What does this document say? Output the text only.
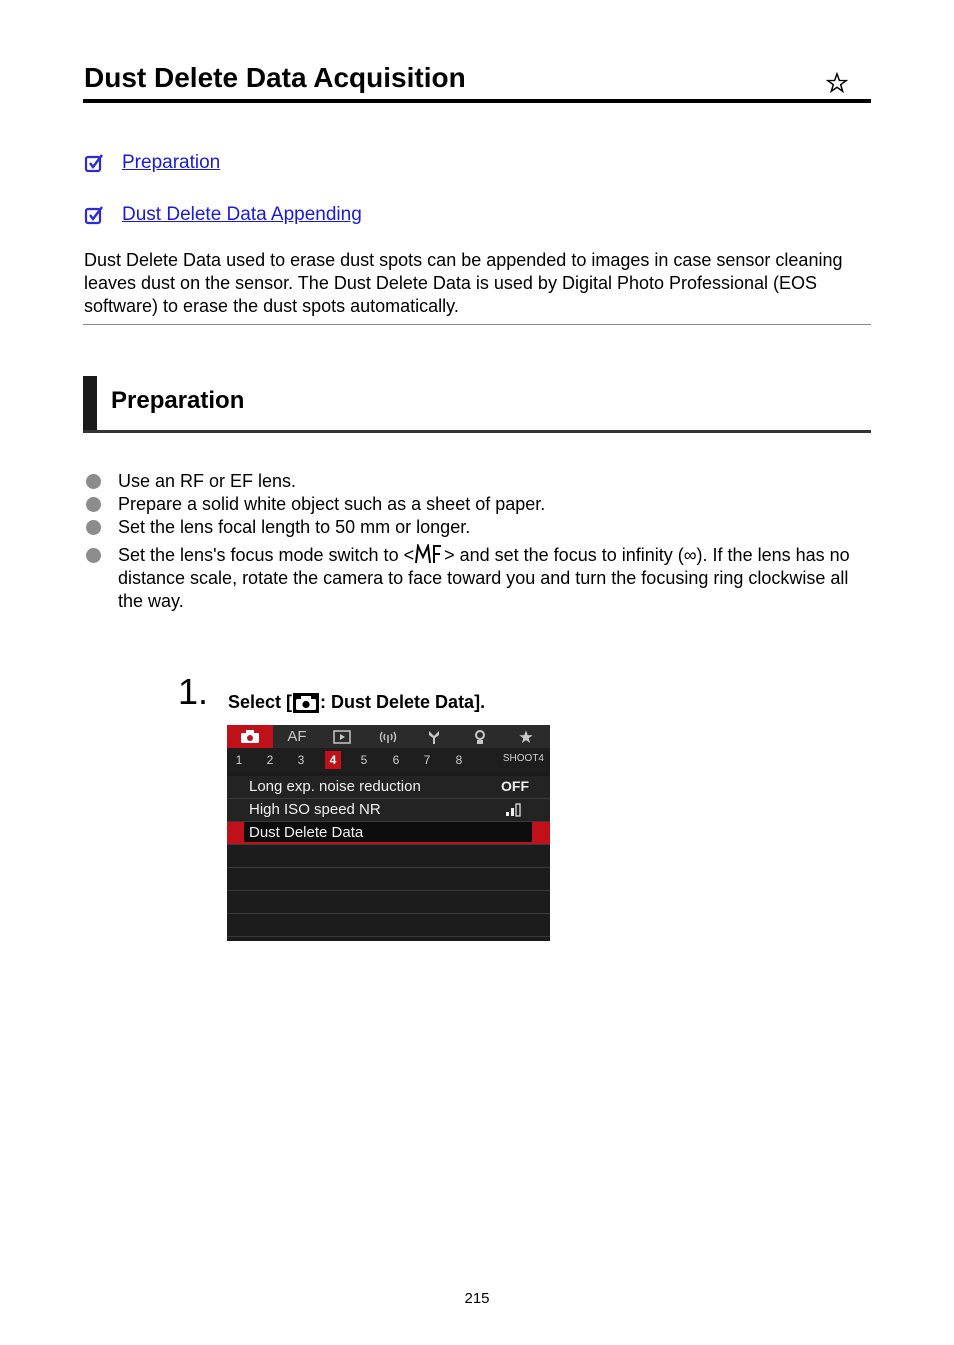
Dust Delete Data Acquisition
Preparation
Dust Delete Data Appending

Dust Delete Data used to erase dust spots can be appended to images in case sensor cleaning leaves dust on the sensor. The Dust Delete Data is used by Digital Photo Professional (EOS software) to erase the dust spots automatically.

Preparation
Use an RF or EF lens.
Prepare a solid white object such as a sheet of paper.
Set the lens focal length to 50 mm or longer.
Set the lens's focus mode switch to < > and set the focus to infinity (∞). If the lens has no distance scale, rotate the camera to face toward you and turn the focusing ring clockwise all the way.
1. Select [ : Dust Delete Data].
AF
1	2	3	4	5	6	7	8	SHOOT4
Long exp. noise reduction	OFF
High ISO speed NR
Dust Delete Data
215
